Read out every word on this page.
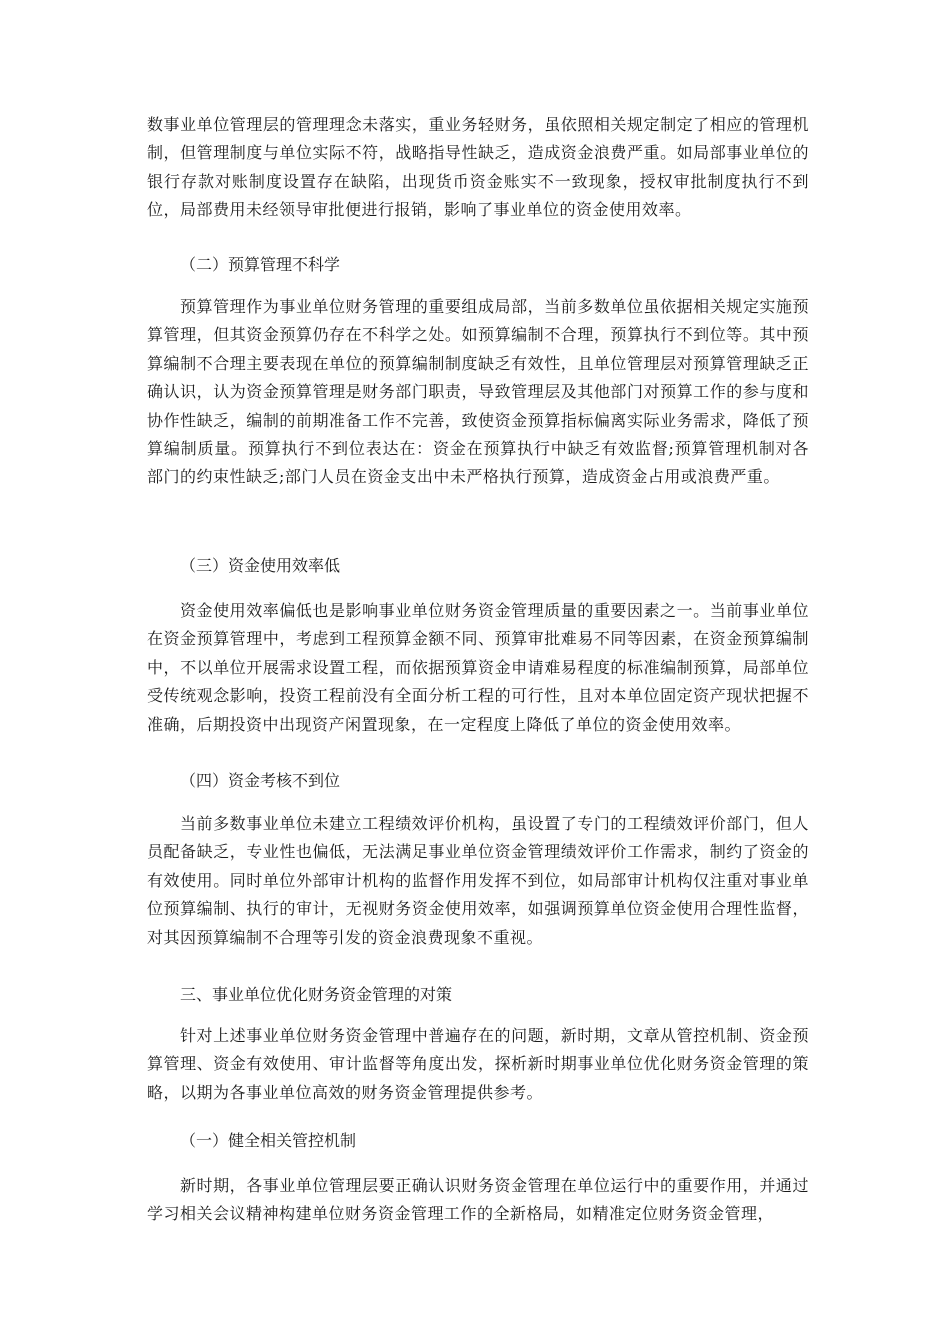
数事业单位管理层的管理理念未落实，重业务轻财务，虽依照相关规定制定了相应的管理机制，但管理制度与单位实际不符，战略指导性缺乏，造成资金浪费严重。如局部事业单位的银行存款对账制度设置存在缺陷，出现货币资金账实不一致现象，授权审批制度执行不到位，局部费用未经领导审批便进行报销，影响了事业单位的资金使用效率。

（二）预算管理不科学

预算管理作为事业单位财务管理的重要组成局部，当前多数单位虽依据相关规定实施预算管理，但其资金预算仍存在不科学之处。如预算编制不合理，预算执行不到位等。其中预算编制不合理主要表现在单位的预算编制制度缺乏有效性，且单位管理层对预算管理缺乏正确认识，认为资金预算管理是财务部门职责，导致管理层及其他部门对预算工作的参与度和协作性缺乏，编制的前期准备工作不完善，致使资金预算指标偏离实际业务需求，降低了预算编制质量。预算执行不到位表达在：资金在预算执行中缺乏有效监督;预算管理机制对各部门的约束性缺乏;部门人员在资金支出中未严格执行预算，造成资金占用或浪费严重。

（三）资金使用效率低

资金使用效率偏低也是影响事业单位财务资金管理质量的重要因素之一。当前事业单位在资金预算管理中，考虑到工程预算金额不同、预算审批难易不同等因素，在资金预算编制中，不以单位开展需求设置工程，而依据预算资金申请难易程度的标准编制预算，局部单位受传统观念影响，投资工程前没有全面分析工程的可行性，且对本单位固定资产现状把握不准确，后期投资中出现资产闲置现象，在一定程度上降低了单位的资金使用效率。

（四）资金考核不到位

当前多数事业单位未建立工程绩效评价机构，虽设置了专门的工程绩效评价部门，但人员配备缺乏，专业性也偏低，无法满足事业单位资金管理绩效评价工作需求，制约了资金的有效使用。同时单位外部审计机构的监督作用发挥不到位，如局部审计机构仅注重对事业单位预算编制、执行的审计，无视财务资金使用效率，如强调预算单位资金使用合理性监督，对其因预算编制不合理等引发的资金浪费现象不重视。

三、事业单位优化财务资金管理的对策

针对上述事业单位财务资金管理中普遍存在的问题，新时期，文章从管控机制、资金预算管理、资金有效使用、审计监督等角度出发，探析新时期事业单位优化财务资金管理的策略，以期为各事业单位高效的财务资金管理提供参考。

（一）健全相关管控机制

新时期，各事业单位管理层要正确认识财务资金管理在单位运行中的重要作用，并通过学习相关会议精神构建单位财务资金管理工作的全新格局，如精准定位财务资金管理，
